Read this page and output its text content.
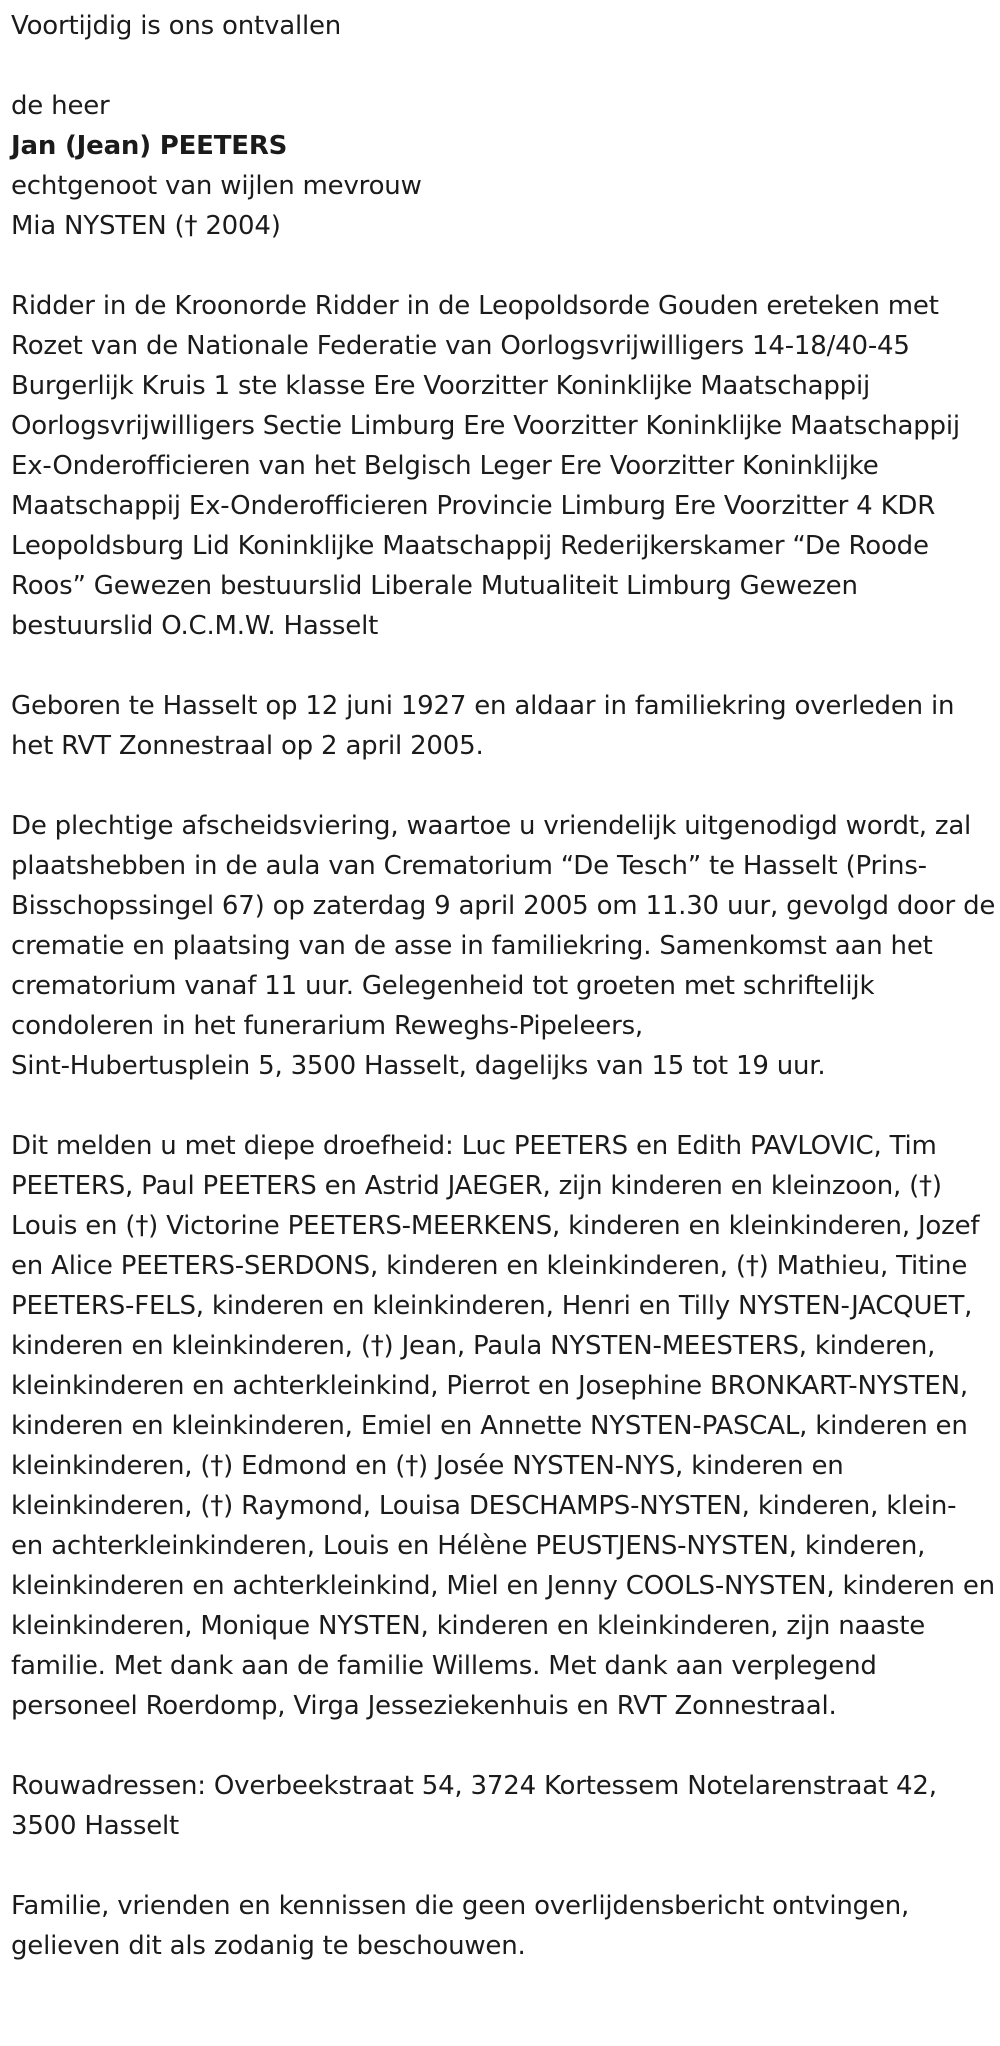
Voortijdig is ons ontvallen

de heer

Jan (Jean) PEETERS

echtgenoot van wijlen mevrouw

Mia NYSTEN († 2004)

Ridder in de Kroonorde Ridder in de Leopoldsorde Gouden ereteken met Rozet van de Nationale Federatie van Oorlogsvrijwilligers 14-18/40-45 Burgerlijk Kruis 1 ste klasse Ere Voorzitter Koninklijke Maatschappij Oorlogsvrijwilligers Sectie Limburg Ere Voorzitter Koninklijke Maatschappij Ex-Onderofficieren van het Belgisch Leger Ere Voorzitter Koninklijke Maatschappij Ex-Onderofficieren Provincie Limburg Ere Voorzitter 4 KDR Leopoldsburg Lid Koninklijke Maatschappij Rederijkerskamer “De Roode Roos” Gewezen bestuurslid Liberale Mutualiteit Limburg Gewezen bestuurslid O.C.M.W. Hasselt

Geboren te Hasselt op 12 juni 1927 en aldaar in familiekring overleden in het RVT Zonnestraal op 2 april 2005.

De plechtige afscheidsviering, waartoe u vriendelijk uitgenodigd wordt, zal plaatshebben in de aula van Crematorium “De Tesch” te Hasselt (Prins-Bisschopssingel 67) op zaterdag 9 april 2005 om 11.30 uur, gevolgd door de crematie en plaatsing van de asse in familiekring. Samenkomst aan het crematorium vanaf 11 uur. Gelegenheid tot groeten met schriftelijk condoleren in het funerarium Reweghs-Pipeleers,

Sint-Hubertusplein 5, 3500 Hasselt, dagelijks van 15 tot 19 uur.

Dit melden u met diepe droefheid: Luc PEETERS en Edith PAVLOVIC, Tim PEETERS, Paul PEETERS en Astrid JAEGER, zijn kinderen en kleinzoon, (†) Louis en (†) Victorine PEETERS-MEERKENS, kinderen en kleinkinderen, Jozef en Alice PEETERS-SERDONS, kinderen en kleinkinderen, (†) Mathieu, Titine PEETERS-FELS, kinderen en kleinkinderen, Henri en Tilly NYSTEN-JACQUET, kinderen en kleinkinderen, (†) Jean, Paula NYSTEN-MEESTERS, kinderen, kleinkinderen en achterkleinkind, Pierrot en Josephine BRONKART-NYSTEN, kinderen en kleinkinderen, Emiel en Annette NYSTEN-PASCAL, kinderen en kleinkinderen, (†) Edmond en (†) Josée NYSTEN-NYS, kinderen en kleinkinderen, (†) Raymond, Louisa DESCHAMPS-NYSTEN, kinderen, klein- en achterkleinkinderen, Louis en Hélène PEUSTJENS-NYSTEN, kinderen, kleinkinderen en achterkleinkind, Miel en Jenny COOLS-NYSTEN, kinderen en kleinkinderen, Monique NYSTEN, kinderen en kleinkinderen, zijn naaste familie. Met dank aan de familie Willems. Met dank aan verplegend personeel Roerdomp, Virga Jesseziekenhuis en RVT Zonnestraal.

Rouwadressen: Overbeekstraat 54, 3724 Kortessem Notelarenstraat 42, 3500 Hasselt

Familie, vrienden en kennissen die geen overlijdensbericht ontvingen, gelieven dit als zodanig te beschouwen.
